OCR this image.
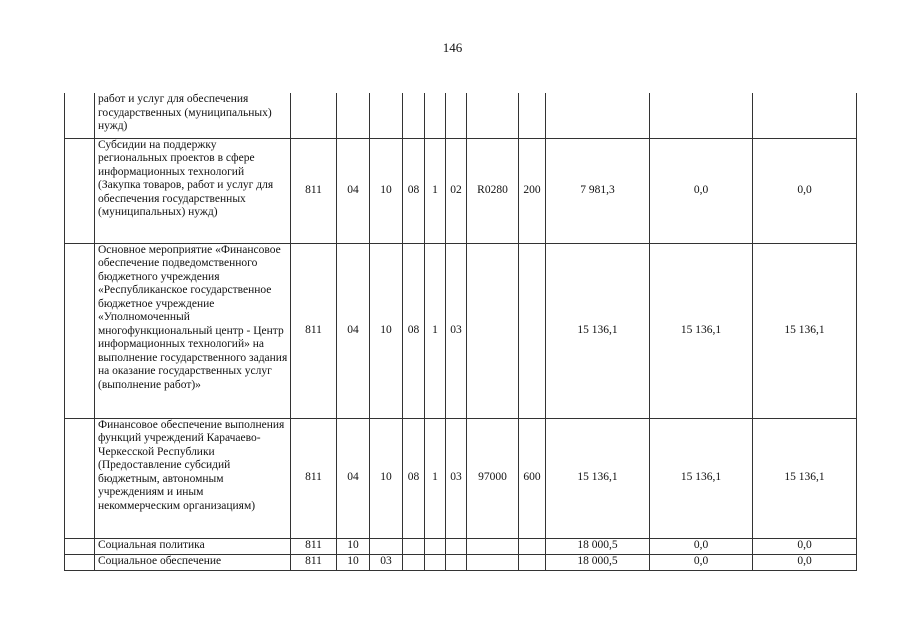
146
	работ и услуг для обеспечения государственных (муниципальных) нужд)											
	Субсидии на поддержку региональных проектов в сфере информационных технологий (Закупка товаров, работ и услуг для обеспечения государственных (муниципальных) нужд)	811	04	10	08	1	02	R0280	200	7 981,3	0,0	0,0
	Основное мероприятие «Финансовое обеспечение подведомственного бюджетного учреждения «Республиканское государственное бюджетное учреждение «Уполномоченный многофункциональный центр - Центр информационных технологий» на выполнение государственного задания на оказание государственных услуг (выполнение работ)»	811	04	10	08	1	03			15 136,1	15 136,1	15 136,1
	Финансовое обеспечение выполнения функций учреждений Карачаево-Черкесской Республики (Предоставление субсидий бюджетным, автономным учреждениям и иным некоммерческим организациям)	811	04	10	08	1	03	97000	600	15 136,1	15 136,1	15 136,1
	Социальная политика	811	10							18 000,5	0,0	0,0
	Социальное обеспечение	811	10	03						18 000,5	0,0	0,0
